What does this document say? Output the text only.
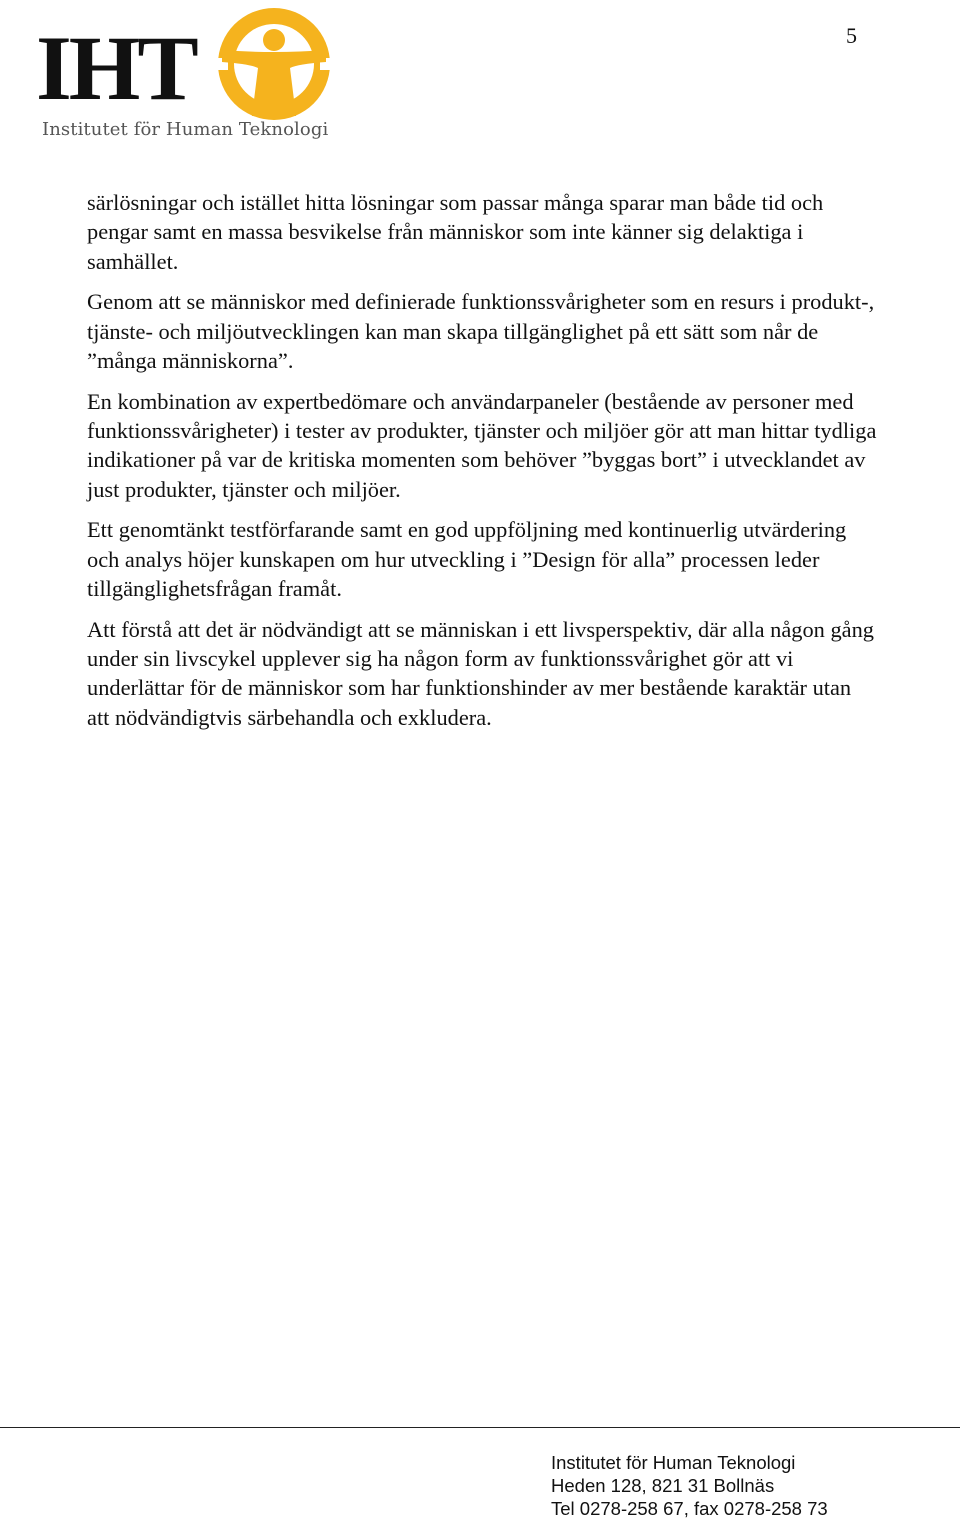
5
IHT
Institutet för Human Teknologi

särlösningar och istället hitta lösningar som passar många sparar man både tid och pengar samt en massa besvikelse från människor som inte känner sig delaktiga i samhället.

Genom att se människor med definierade funktionssvårigheter som en resurs i produkt-, tjänste- och miljöutvecklingen kan man skapa tillgänglighet på ett sätt som når de ”många människorna”.

En kombination av expertbedömare och användarpaneler (bestående av personer med funktionssvårigheter) i tester av produkter, tjänster och miljöer gör att man hittar tydliga indikationer på var de kritiska momenten som behöver ”byggas bort” i utvecklandet av just produkter, tjänster och miljöer.

Ett genomtänkt testförfarande samt en god uppföljning med kontinuerlig utvärdering och analys höjer kunskapen om hur utveckling i ”Design för alla” processen leder tillgänglighetsfrågan framåt.

Att förstå att det är nödvändigt att se människan i ett livsperspektiv, där alla någon gång under sin livscykel upplever sig ha någon form av funktionssvårighet gör att vi underlättar för de människor som har funktionshinder av mer bestående karaktär utan att nödvändigtvis särbehandla och exkludera.

Institutet för Human Teknologi
Heden 128, 821 31 Bollnäs
Tel 0278-258 67, fax 0278-258 73
